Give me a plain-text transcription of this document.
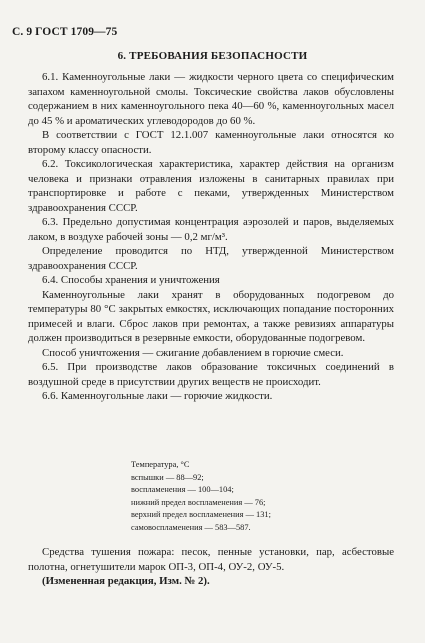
С. 9 ГОСТ 1709—75
6. ТРЕБОВАНИЯ БЕЗОПАСНОСТИ

6.1. Каменноугольные лаки — жидкости черного цвета со специфическим запахом каменноугольной смолы. Токсические свойства лаков обусловлены содержанием в них каменноугольного пека 40—60 %, каменноугольных масел до 45 % и ароматических углеводородов до 60 %.

В соответствии с ГОСТ 12.1.007 каменноугольные лаки относятся ко второму классу опасности.

6.2. Токсикологическая характеристика, характер действия на организм человека и признаки отравления изложены в санитарных правилах при транспортировке и работе с пеками, утвержденных Министерством здравоохранения СССР.

6.3. Предельно допустимая концентрация аэрозолей и паров, выделяемых лаком, в воздухе рабочей зоны — 0,2 мг/м³.

Определение проводится по НТД, утвержденной Министерством здравоохранения СССР.

6.4. Способы хранения и уничтожения

Каменноугольные лаки хранят в оборудованных подогревом до температуры 80 °С закрытых емкостях, исключающих попадание посторонних примесей и влаги. Сброс лаков при ремонтах, а также ревизиях аппаратуры должен производиться в резервные емкости, оборудованные подогревом.

Способ уничтожения — сжигание добавлением в горючие смеси.

6.5. При производстве лаков образование токсичных соединений в воздушной среде в присутствии других веществ не происходит.

6.6. Каменноугольные лаки — горючие жидкости.

Температура, °С
вспышки — 88—92;
воспламенения — 100—104;
нижний предел воспламенения — 76;
верхний предел воспламенения — 131;
самовоспламенения — 583—587.

Средства тушения пожара: песок, пенные установки, пар, асбестовые полотна, огнетушители марок ОП-3, ОП-4, ОУ-2, ОУ-5.

(Измененная редакция, Изм. № 2).
